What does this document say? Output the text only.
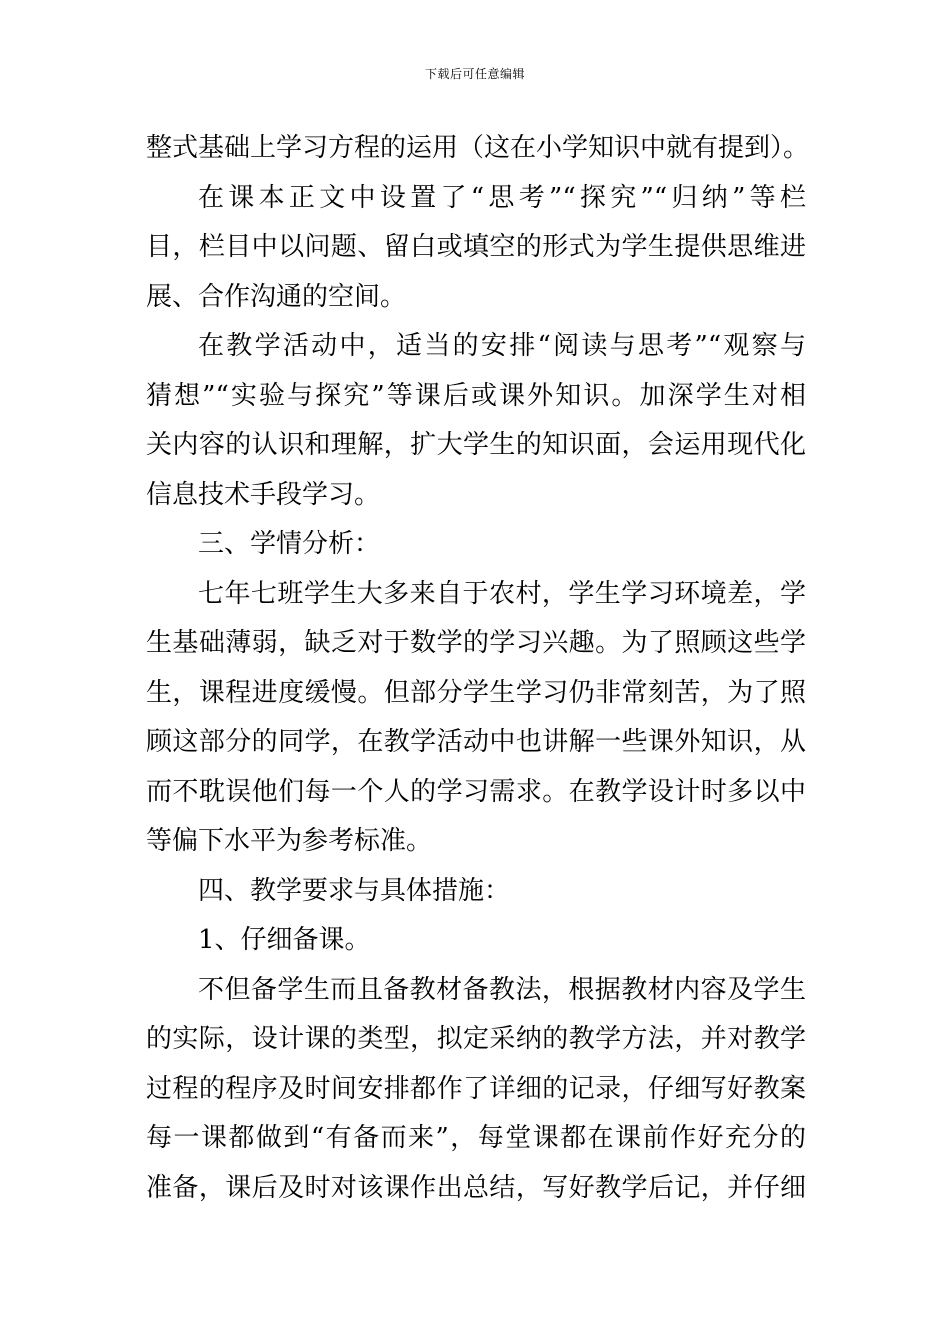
下载后可任意编辑
整式基础上学习方程的运用（这在小学知识中就有提到）。
在课本正文中设置了“思考”“探究”“归纳”等栏
目，栏目中以问题、留白或填空的形式为学生提供思维进
展、合作沟通的空间。
在教学活动中，适当的安排“阅读与思考”“观察与
猜想”“实验与探究”等课后或课外知识。加深学生对相
关内容的认识和理解，扩大学生的知识面，会运用现代化
信息技术手段学习。
三、学情分析：
七年七班学生大多来自于农村，学生学习环境差，学
生基础薄弱，缺乏对于数学的学习兴趣。为了照顾这些学
生，课程进度缓慢。但部分学生学习仍非常刻苦，为了照
顾这部分的同学，在教学活动中也讲解一些课外知识，从
而不耽误他们每一个人的学习需求。在教学设计时多以中
等偏下水平为参考标准。
四、教学要求与具体措施：
1、仔细备课。
不但备学生而且备教材备教法，根据教材内容及学生
的实际，设计课的类型，拟定采纳的教学方法，并对教学
过程的程序及时间安排都作了详细的记录，仔细写好教案
每一课都做到“有备而来”，每堂课都在课前作好充分的
准备，课后及时对该课作出总结，写好教学后记，并仔细
